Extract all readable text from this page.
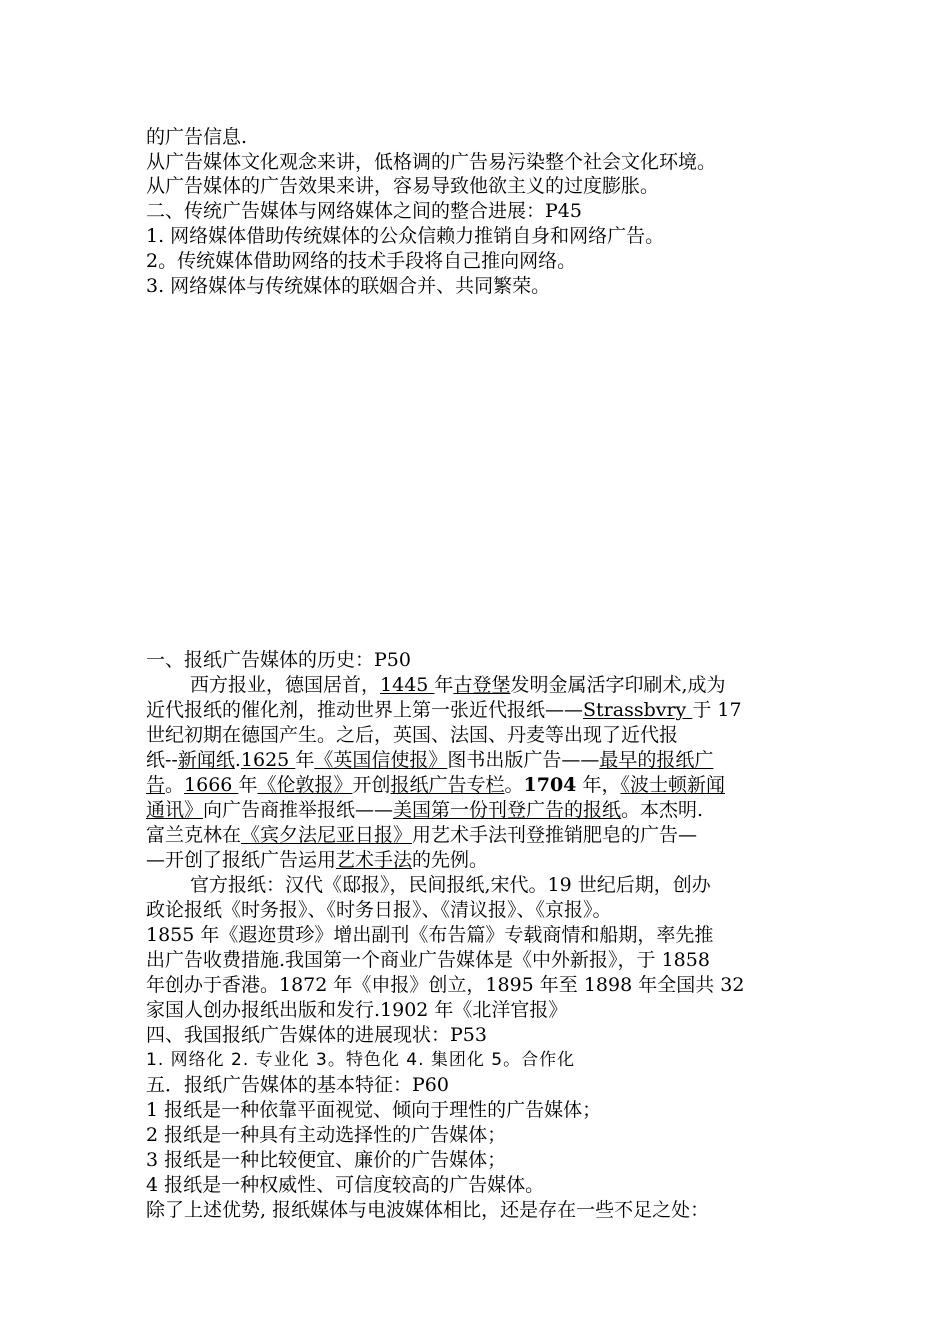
的广告信息.
从广告媒体文化观念来讲，低格调的广告易污染整个社会文化环境。
从广告媒体的广告效果来讲，容易导致他欲主义的过度膨胀。
二、传统广告媒体与网络媒体之间的整合进展：P45
1. 网络媒体借助传统媒体的公众信赖力推销自身和网络广告。
2。传统媒体借助网络的技术手段将自己推向网络。
3. 网络媒体与传统媒体的联姻合并、共同繁荣。
一、报纸广告媒体的历史：P50
西方报业，德国居首，1445 年古登堡发明金属活字印刷术,成为
近代报纸的催化剂，推动世界上第一张近代报纸——Strassbvry 于 17
世纪初期在德国产生。之后，英国、法国、丹麦等出现了近代报
纸--新闻纸.1625 年《英国信使报》图书出版广告——最早的报纸广
告。1666 年《伦敦报》开创报纸广告专栏。1704 年，《波士顿新闻
通讯》向广告商推举报纸——美国第一份刊登广告的报纸。本杰明.
富兰克林在《宾夕法尼亚日报》用艺术手法刊登推销肥皂的广告—
—开创了报纸广告运用艺术手法的先例。
官方报纸：汉代《邸报》，民间报纸,宋代。19 世纪后期，创办
政论报纸《时务报》、《时务日报》、《清议报》、《京报》。
1855 年《遐迩贯珍》增出副刊《布告篇》专载商情和船期，率先推
出广告收费措施.我国第一个商业广告媒体是《中外新报》，于 1858
年创办于香港。1872 年《申报》创立，1895 年至 1898 年全国共 32
家国人创办报纸出版和发行.1902 年《北洋官报》
四、我国报纸广告媒体的进展现状：P53
1. 网络化 2. 专业化 3。特色化 4. 集团化 5。合作化
五．报纸广告媒体的基本特征：P60
1 报纸是一种依靠平面视觉、倾向于理性的广告媒体；
2 报纸是一种具有主动选择性的广告媒体；
3 报纸是一种比较便宜、廉价的广告媒体；
4 报纸是一种权威性、可信度较高的广告媒体。
除了上述优势, 报纸媒体与电波媒体相比，还是存在一些不足之处：
